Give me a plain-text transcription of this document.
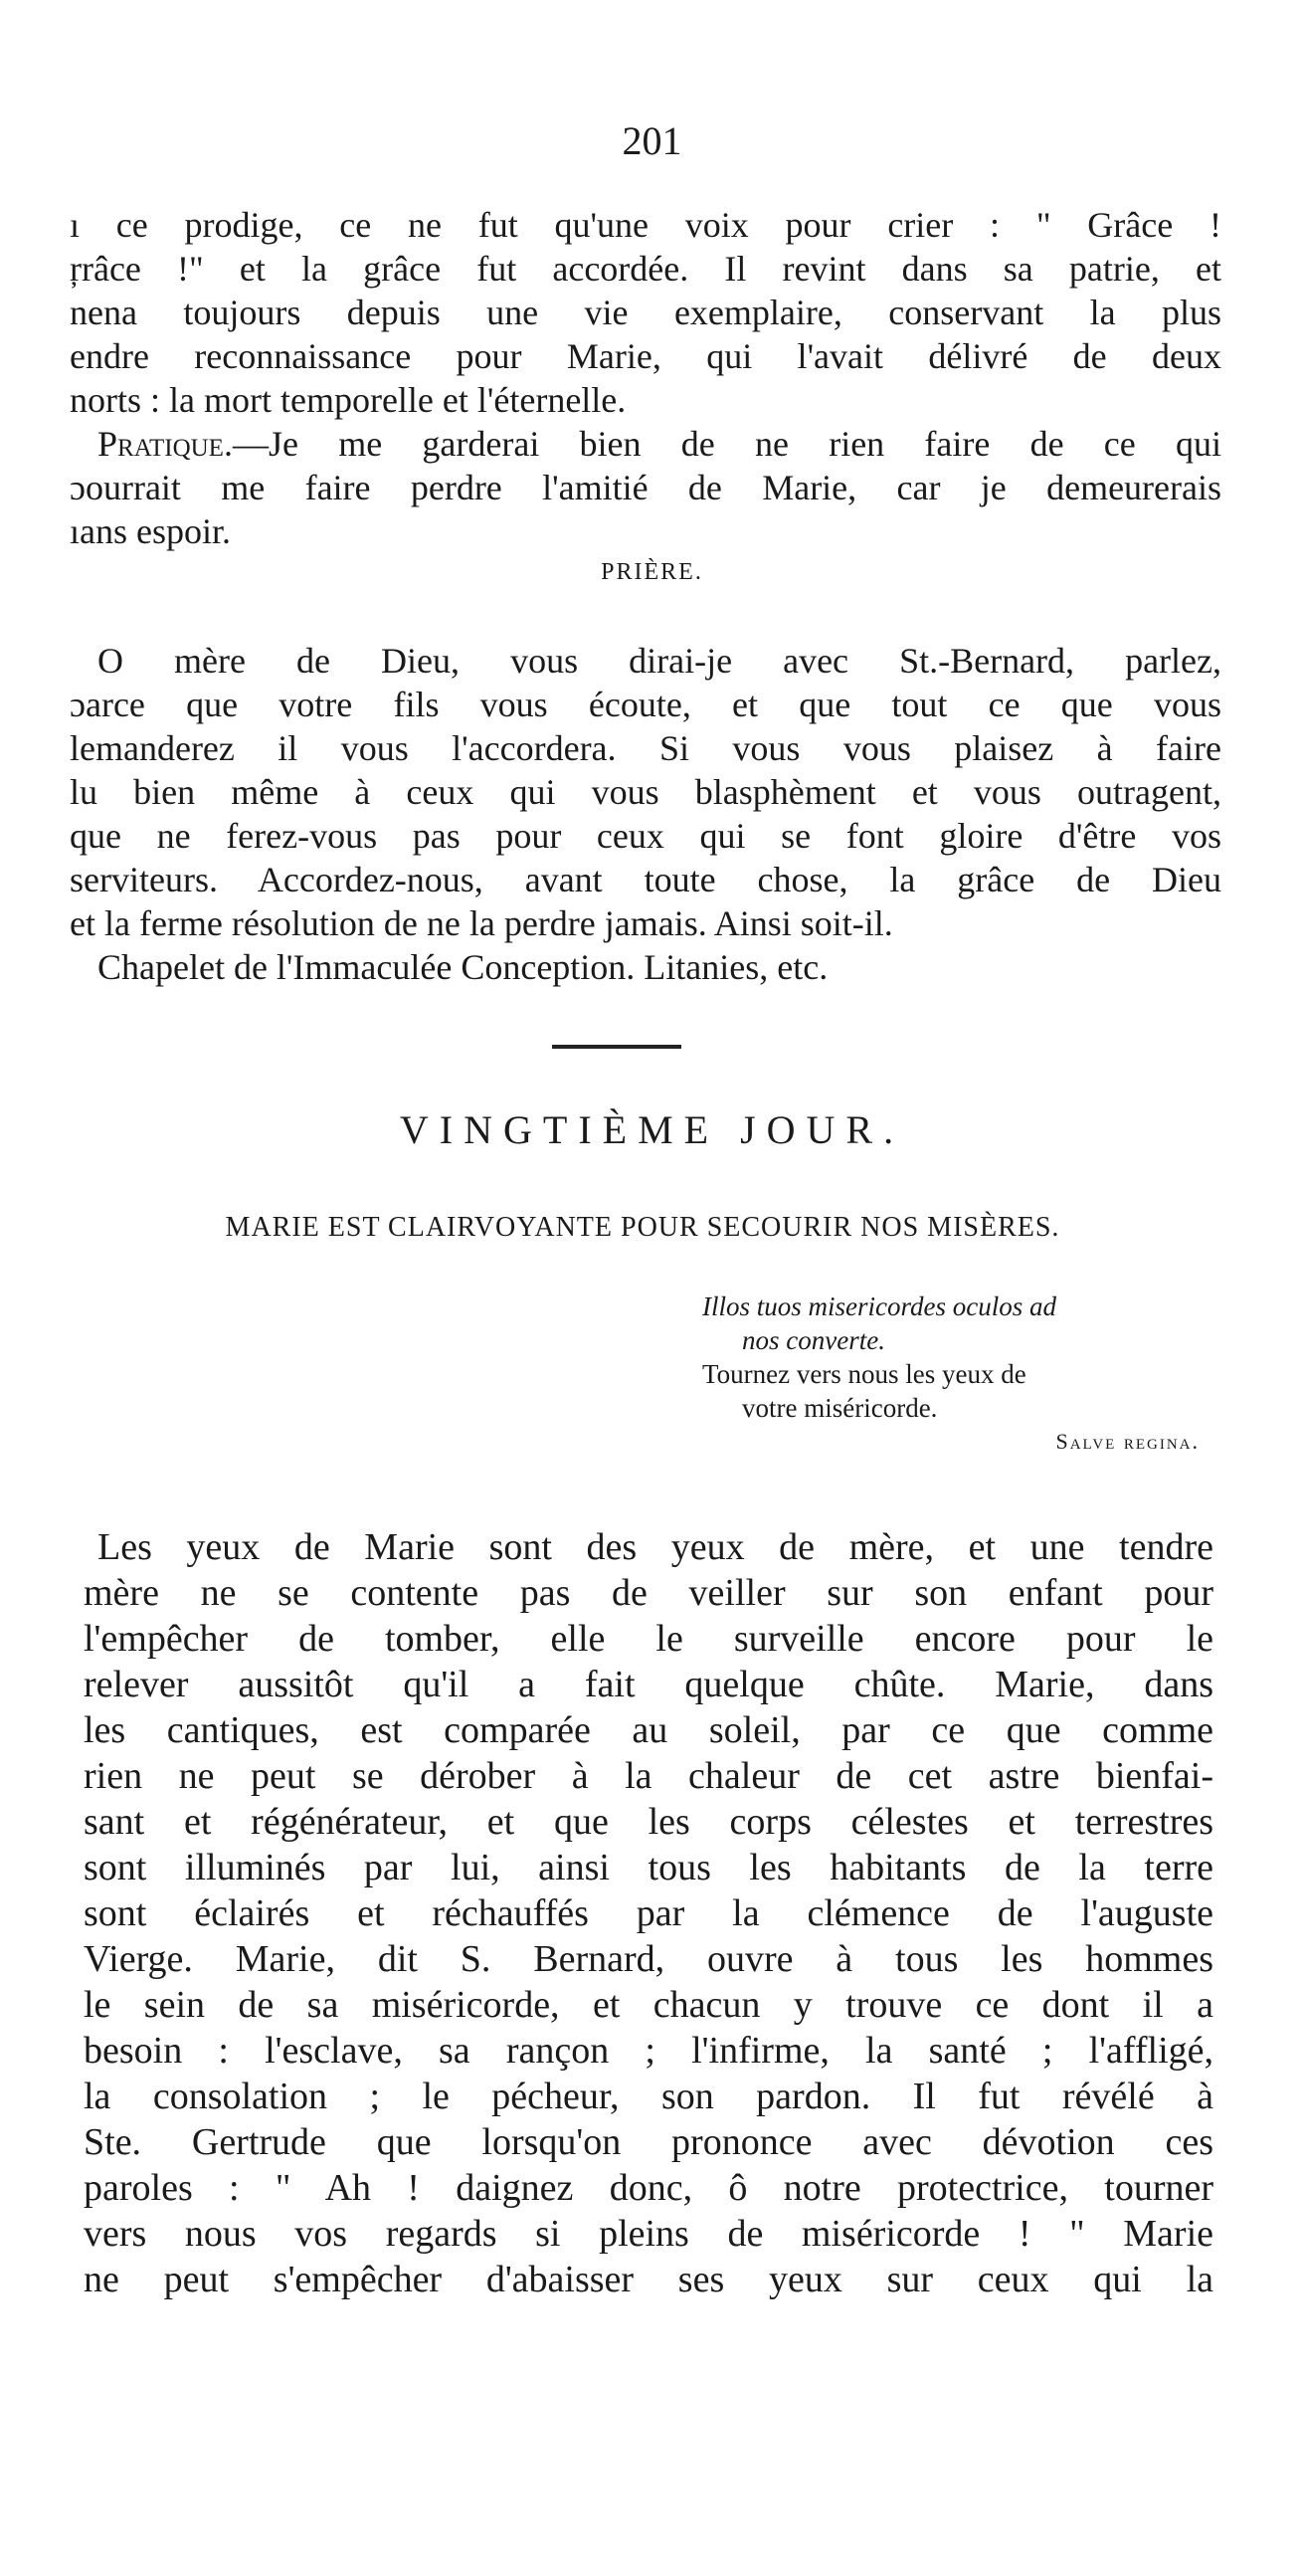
201
ı ce prodige, ce ne fut qu'une voix pour crier : " Grâce !
ŗrâce !" et la grâce fut accordée. Il revint dans sa patrie, et
nena toujours depuis une vie exemplaire, conservant la plus
endre reconnaissance pour Marie, qui l'avait délivré de deux
norts : la mort temporelle et l'éternelle.
Pratique.—Je me garderai bien de ne rien faire de ce qui
ɔourrait me faire perdre l'amitié de Marie, car je demeurerais
ıans espoir.
PRIÈRE.
O mère de Dieu, vous dirai-je avec St.-Bernard, parlez,
ɔarce que votre fils vous écoute, et que tout ce que vous
lemanderez il vous l'accordera. Si vous vous plaisez à faire
lu bien même à ceux qui vous blasphèment et vous outragent,
que ne ferez-vous pas pour ceux qui se font gloire d'être vos
serviteurs. Accordez-nous, avant toute chose, la grâce de Dieu
et la ferme résolution de ne la perdre jamais. Ainsi soit-il.
Chapelet de l'Immaculée Conception. Litanies, etc.
VINGTIÈME JOUR.
MARIE EST CLAIRVOYANTE POUR SECOURIR NOS MISÈRES.
Illos tuos misericordes oculos ad
nos converte.
Tournez vers nous les yeux de
votre miséricorde.
Salve regina.
Les yeux de Marie sont des yeux de mère, et une tendre
mère ne se contente pas de veiller sur son enfant pour
l'empêcher de tomber, elle le surveille encore pour le
relever aussitôt qu'il a fait quelque chûte. Marie, dans
les cantiques, est comparée au soleil, par ce que comme
rien ne peut se dérober à la chaleur de cet astre bienfai-
sant et régénérateur, et que les corps célestes et terrestres
sont illuminés par lui, ainsi tous les habitants de la terre
sont éclairés et réchauffés par la clémence de l'auguste
Vierge. Marie, dit S. Bernard, ouvre à tous les hommes
le sein de sa miséricorde, et chacun y trouve ce dont il a
besoin : l'esclave, sa rançon ; l'infirme, la santé ; l'affligé,
la consolation ; le pécheur, son pardon. Il fut révélé à
Ste. Gertrude que lorsqu'on prononce avec dévotion ces
paroles : " Ah ! daignez donc, ô notre protectrice, tourner
vers nous vos regards si pleins de miséricorde ! " Marie
ne peut s'empêcher d'abaisser ses yeux sur ceux qui la
